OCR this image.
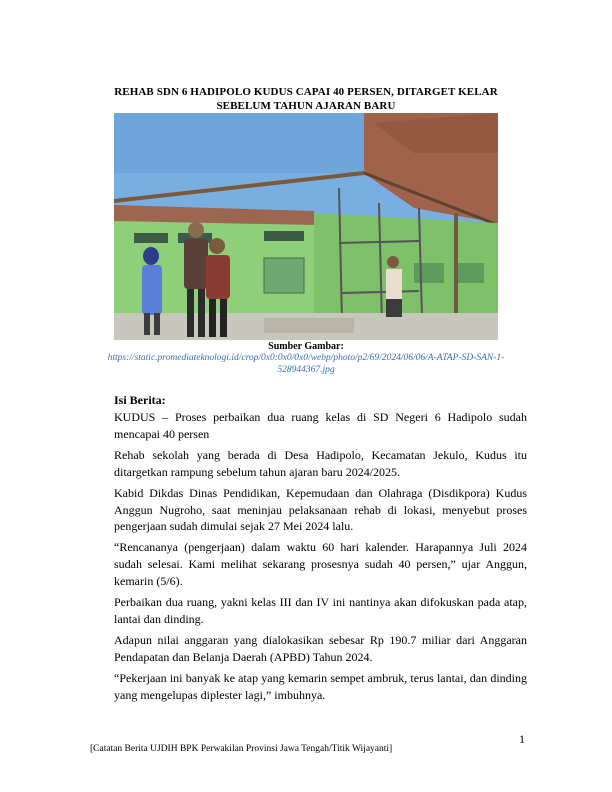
REHAB SDN 6 HADIPOLO KUDUS CAPAI 40 PERSEN, DITARGET KELAR SEBELUM TAHUN AJARAN BARU
Sumber Gambar:
https://static.promediateknologi.id/crop/0x0:0x0/0x0/webp/photo/p2/69/2024/06/06/A-ATAP-SD-SAN-1-528944367.jpg
Isi Berita:

KUDUS – Proses perbaikan dua ruang kelas di SD Negeri 6 Hadipolo sudah mencapai 40 persen

Rehab sekolah yang berada di Desa Hadipolo, Kecamatan Jekulo, Kudus itu ditargetkan rampung sebelum tahun ajaran baru 2024/2025.

Kabid Dikdas Dinas Pendidikan, Kepemudaan dan Olahraga (Disdikpora) Kudus Anggun Nugroho, saat meninjau pelaksanaan rehab di lokasi, menyebut proses pengerjaan sudah dimulai sejak 27 Mei 2024 lalu.

“Rencananya (pengerjaan) dalam waktu 60 hari kalender. Harapannya Juli 2024 sudah selesai. Kami melihat sekarang prosesnya sudah 40 persen,” ujar Anggun, kemarin (5/6).

Perbaikan dua ruang, yakni kelas III dan IV ini nantinya akan difokuskan pada atap, lantai dan dinding.

Adapun nilai anggaran yang dialokasikan sebesar Rp 190.7 miliar dari Anggaran Pendapatan dan Belanja Daerah (APBD) Tahun 2024.

“Pekerjaan ini banyak ke atap yang kemarin sempet ambruk, terus lantai, dan dinding yang mengelupas diplester lagi,” imbuhnya.

1
[Catatan Berita UJDIH BPK Perwakilan Provinsi Jawa Tengah/Titik Wijayanti]
